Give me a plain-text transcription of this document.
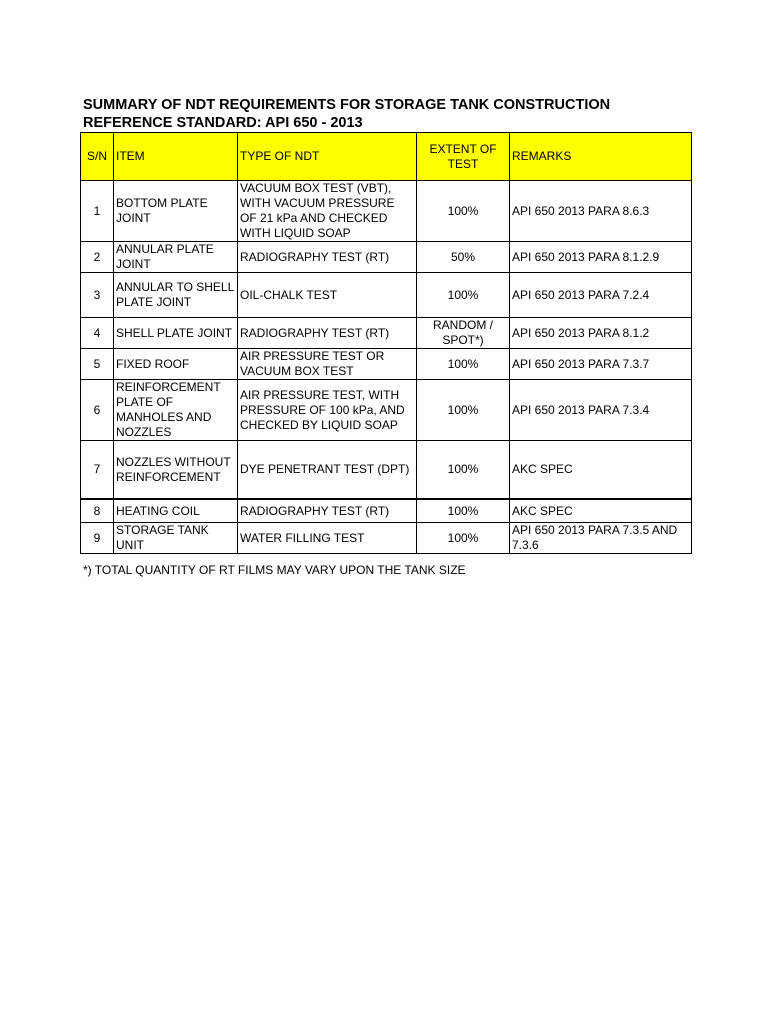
SUMMARY OF NDT REQUIREMENTS FOR STORAGE TANK CONSTRUCTION
REFERENCE STANDARD: API 650 - 2013
S/N	ITEM	TYPE OF NDT	EXTENT OF TEST	REMARKS
1	BOTTOM PLATE JOINT	VACUUM BOX TEST (VBT), WITH VACUUM PRESSURE OF 21 kPa AND CHECKED WITH LIQUID SOAP	100%	API 650 2013 PARA 8.6.3
2	ANNULAR PLATE JOINT	RADIOGRAPHY TEST (RT)	50%	API 650 2013 PARA 8.1.2.9
3	ANNULAR TO SHELL PLATE JOINT	OIL-CHALK TEST	100%	API 650 2013 PARA 7.2.4
4	SHELL PLATE JOINT	RADIOGRAPHY TEST (RT)	RANDOM / SPOT*)	API 650 2013 PARA 8.1.2
5	FIXED ROOF	AIR PRESSURE TEST OR VACUUM BOX TEST	100%	API 650 2013 PARA 7.3.7
6	REINFORCEMENT PLATE OF MANHOLES AND NOZZLES	AIR PRESSURE TEST, WITH PRESSURE OF 100 kPa, AND CHECKED BY LIQUID SOAP	100%	API 650 2013 PARA 7.3.4
7	NOZZLES WITHOUT REINFORCEMENT	DYE PENETRANT TEST (DPT)	100%	AKC SPEC
8	HEATING COIL	RADIOGRAPHY TEST (RT)	100%	AKC SPEC
9	STORAGE TANK UNIT	WATER FILLING TEST	100%	API 650 2013 PARA 7.3.5 AND 7.3.6
*) TOTAL QUANTITY OF RT FILMS MAY VARY UPON THE TANK SIZE
